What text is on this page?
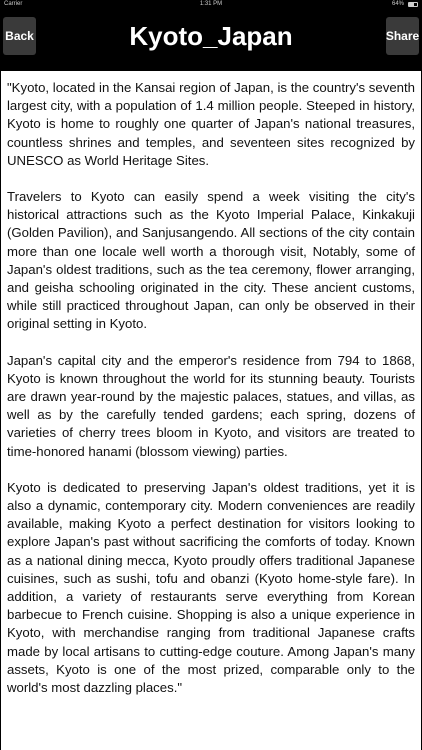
Carrier	1:31 PM	64%
Back	Kyoto_Japan	Share

"Kyoto, located in the Kansai region of Japan, is the country's seventh largest city, with a population of 1.4 million people. Steeped in history, Kyoto is home to roughly one quarter of Japan's national treasures, countless shrines and temples, and seventeen sites recognized by UNESCO as World Heritage Sites.

Travelers to Kyoto can easily spend a week visiting the city's historical attractions such as the Kyoto Imperial Palace, Kinkakuji (Golden Pavilion), and Sanjusangendo. All sections of the city contain more than one locale well worth a thorough visit, Notably, some of Japan's oldest traditions, such as the tea ceremony, flower arranging, and geisha schooling originated in the city. These ancient customs, while still practiced throughout Japan, can only be observed in their original setting in Kyoto.

Japan's capital city and the emperor's residence from 794 to 1868, Kyoto is known throughout the world for its stunning beauty. Tourists are drawn year-round by the majestic palaces, statues, and villas, as well as by the carefully tended gardens; each spring, dozens of varieties of cherry trees bloom in Kyoto, and visitors are treated to time-honored hanami (blossom viewing) parties.

Kyoto is dedicated to preserving Japan's oldest traditions, yet it is also a dynamic, contemporary city. Modern conveniences are readily available, making Kyoto a perfect destination for visitors looking to explore Japan's past without sacrificing the comforts of today. Known as a national dining mecca, Kyoto proudly offers traditional Japanese cuisines, such as sushi, tofu and obanzi (Kyoto home-style fare). In addition, a variety of restaurants serve everything from Korean barbecue to French cuisine. Shopping is also a unique experience in Kyoto, with merchandise ranging from traditional Japanese crafts made by local artisans to cutting-edge couture. Among Japan's many assets, Kyoto is one of the most prized, comparable only to the world's most dazzling places."
